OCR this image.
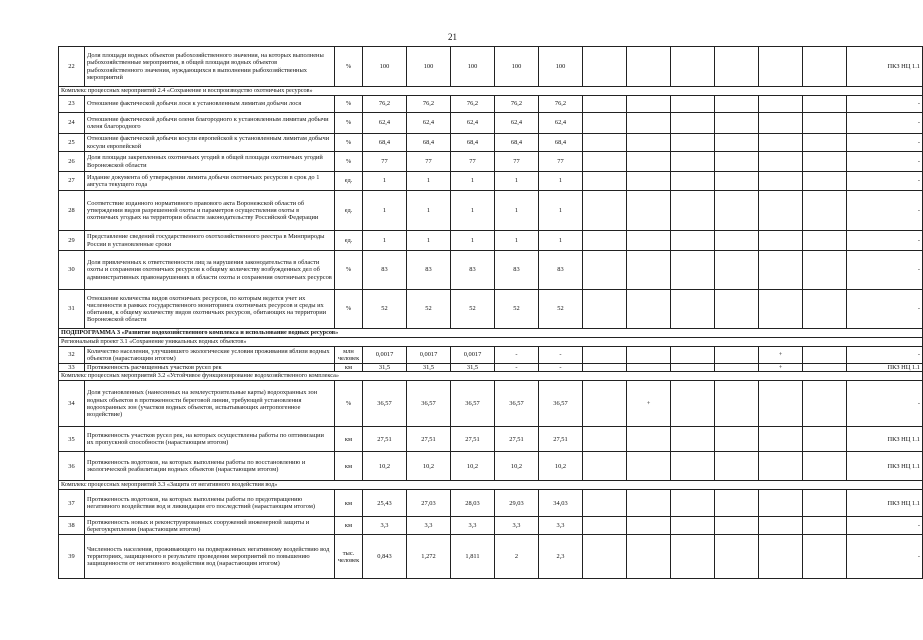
21
22	Доля площади водных объектов рыбохозяйственного значения, на которых выполнены рыбохозяйственные мероприятия, в общей площади водных объектов рыбохозяйственного значения, нуждающихся в выполнении рыбохозяйственных мероприятий	%	100	100	100	100	100							ПКЗ НЦ 1.1
Комплекс процессных мероприятий 2.4 «Сохранение и воспроизводство охотничьих ресурсов»														
23	Отношение фактической добычи лося к установленным лимитам добычи лося	%	76,2	76,2	76,2	76,2	76,2							-
24	Отношение фактической добычи оленя благородного к установленным лимитам добычи оленя благородного	%	62,4	62,4	62,4	62,4	62,4							-
25	Отношение фактической добычи косули европейской к установленным лимитам добычи косули европейской	%	68,4	68,4	68,4	68,4	68,4							-
26	Доля площади закрепленных охотничьих угодий в общей площади охотничьих угодий Воронежской области	%	77	77	77	77	77							-
27	Издание документа об утверждении лимита добычи охотничьих ресурсов в срок до 1 августа текущего года	ед.	1	1	1	1	1							-
28	Соответствие изданного нормативного правового акта Воронежской области об утверждении видов разрешенной охоты и параметров осуществления охоты в охотничьих угодьях на территории области законодательству Российской Федерации	ед.	1	1	1	1	1							-
29	Представление сведений государственного охотхозяйственного реестра в Минприроды России в установленные сроки	ед.	1	1	1	1	1							-
30	Доля привлеченных к ответственности лиц за нарушения законодательства в области охоты и сохранения охотничьих ресурсов к общему количеству возбужденных дел об административных правонарушениях в области охоты и сохранения охотничьих ресурсов	%	83	83	83	83	83							-
31	Отношение количества видов охотничьих ресурсов, по которым ведется учет их численности в рамках государственного мониторинга охотничьих ресурсов и среды их обитания, к общему количеству видов охотничьих ресурсов, обитающих на территории Воронежской области	%	52	52	52	52	52							-
ПОДПРОГРАММА 3 «Развитие водохозяйственного комплекса и использование водных ресурсов»														
Региональный проект 3.1 «Сохранение уникальных водных объектов»														
32	Количество населения, улучшившего экологические условия проживания вблизи водных объектов (нарастающим итогом)	млн человек	0,0017	0,0017	0,0017	-	-					+		-
33	Протяженность расчищенных участков русел рек	км	31,5	31,5	31,5	-	-					+		ПКЗ НЦ 1.1
Комплекс процессных мероприятий 3.2 «Устойчивое функционирование водохозяйственного комплекса»														
34	Доля установленных (нанесенных на землеустроительные карты) водоохранных зон водных объектов в протяженности береговой линии, требующей установления водоохранных зон (участков водных объектов, испытывающих антропогенное воздействие)	%	36,57	36,57	36,57	36,57	36,57		+					-
35	Протяженность участков русел рек, на которых осуществлены работы по оптимизации их пропускной способности (нарастающим итогом)	км	27,51	27,51	27,51	27,51	27,51							ПКЗ НЦ 1.1
36	Протяженность водотоков, на которых выполнены работы по восстановлению и экологической реабилитации водных объектов (нарастающим итогом)	км	10,2	10,2	10,2	10,2	10,2							ПКЗ НЦ 1.1
Комплекс процессных мероприятий 3.3 «Защита от негативного воздействия вод»														
37	Протяженность водотоков, на которых выполнены работы по предотвращению негативного воздействия вод и ликвидации его последствий (нарастающим итогом)	км	25,43	27,03	28,03	29,03	34,03							ПКЗ НЦ 1.1
38	Протяженность новых и реконструированных сооружений инженерной защиты и берегоукрепления (нарастающим итогом)	км	3,3	3,3	3,3	3,3	3,3							-
39	Численность населения, проживающего на подверженных негативному воздействию вод территориях, защищенного в результате проведения мероприятий по повышению защищенности от негативного воздействия вод (нарастающим итогом)	тыс. человек	0,843	1,272	1,811	2	2,3							-
